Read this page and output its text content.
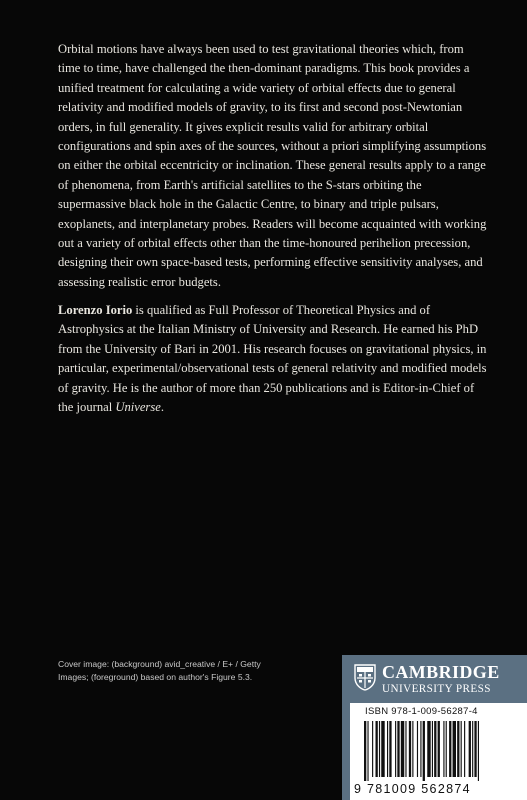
Orbital motions have always been used to test gravitational theories which, from time to time, have challenged the then-dominant paradigms. This book provides a unified treatment for calculating a wide variety of orbital effects due to general relativity and modified models of gravity, to its first and second post-Newtonian orders, in full generality. It gives explicit results valid for arbitrary orbital configurations and spin axes of the sources, without a priori simplifying assumptions on either the orbital eccentricity or inclination. These general results apply to a range of phenomena, from Earth's artificial satellites to the S-stars orbiting the supermassive black hole in the Galactic Centre, to binary and triple pulsars, exoplanets, and interplanetary probes. Readers will become acquainted with working out a variety of orbital effects other than the time-honoured perihelion precession, designing their own space-based tests, performing effective sensitivity analyses, and assessing realistic error budgets.

Lorenzo Iorio is qualified as Full Professor of Theoretical Physics and of Astrophysics at the Italian Ministry of University and Research. He earned his PhD from the University of Bari in 2001. His research focuses on gravitational physics, in particular, experimental/observational tests of general relativity and modified models of gravity. He is the author of more than 250 publications and is Editor-in-Chief of the journal Universe.

Cover image: (background) avid_creative / E+ / Getty Images; (foreground) based on author's Figure 5.3.	CAMBRIDGE
UNIVERSITY PRESS
ISBN 978-1-009-56287-4
9 781009 562874
